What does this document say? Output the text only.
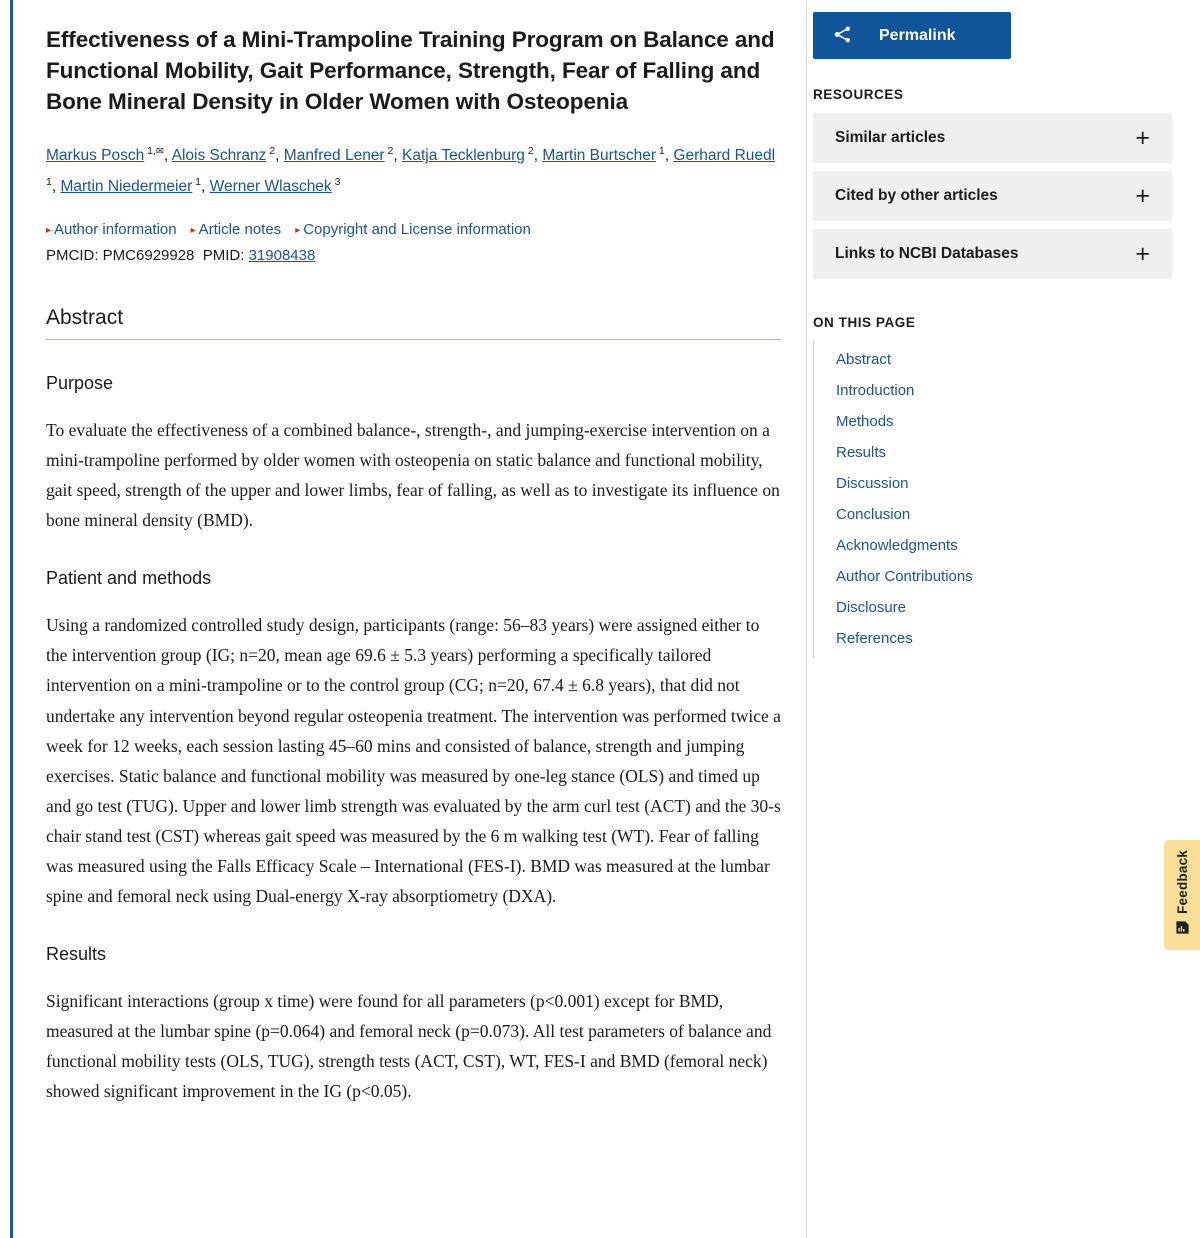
Effectiveness of a Mini-Trampoline Training Program on Balance and Functional Mobility, Gait Performance, Strength, Fear of Falling and Bone Mineral Density in Older Women with Osteopenia
Markus Posch $^{1,✉}$, Alois Schranz $^2$, Manfred Lener $^2$, Katja Tecklenburg $^2$, Martin Burtscher $^1$, Gerhard Ruedl $^1$, Martin Niedermeier $^1$, Werner Wlaschek $^3$
▸ Author information ▸ Article notes ▸ Copyright and License information
PMCID: PMC6929928 PMID: 31908438
Abstract
Purpose

To evaluate the effectiveness of a combined balance-, strength-, and jumping-exercise intervention on a mini-trampoline performed by older women with osteopenia on static balance and functional mobility, gait speed, strength of the upper and lower limbs, fear of falling, as well as to investigate its influence on bone mineral density (BMD).

Patient and methods

Using a randomized controlled study design, participants (range: 56–83 years) were assigned either to the intervention group (IG; n=20, mean age 69.6 ± 5.3 years) performing a specifically tailored intervention on a mini-trampoline or to the control group (CG; n=20, 67.4 ± 6.8 years), that did not undertake any intervention beyond regular osteopenia treatment. The intervention was performed twice a week for 12 weeks, each session lasting 45–60 mins and consisted of balance, strength and jumping exercises. Static balance and functional mobility was measured by one-leg stance (OLS) and timed up and go test (TUG). Upper and lower limb strength was evaluated by the arm curl test (ACT) and the 30-s chair stand test (CST) whereas gait speed was measured by the 6 m walking test (WT). Fear of falling was measured using the Falls Efficacy Scale – International (FES-I). BMD was measured at the lumbar spine and femoral neck using Dual-energy X-ray absorptiometry (DXA).

Results

Significant interactions (group x time) were found for all parameters (p<0.001) except for BMD, measured at the lumbar spine (p=0.064) and femoral neck (p=0.073). All test parameters of balance and functional mobility tests (OLS, TUG), strength tests (ACT, CST), WT, FES-I and BMD (femoral neck) showed significant improvement in the IG (p<0.05).

Permalink
RESOURCES
Similar articles	+
Cited by other articles	+
Links to NCBI Databases	+
ON THIS PAGE
Abstract
Introduction
Methods
Results
Discussion
Conclusion
Acknowledgments
Author Contributions
Disclosure
References
Feedback
